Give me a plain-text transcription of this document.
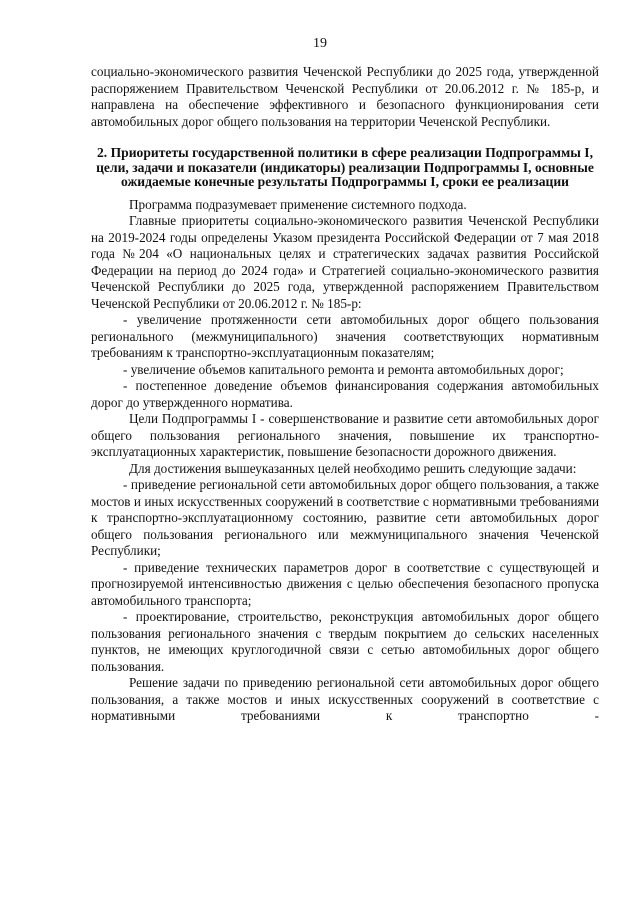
19

социально-экономического развития Чеченской Республики до 2025 года, утвержденной распоряжением Правительством Чеченской Республики от 20.06.2012 г. № 185-р, и направлена на обеспечение эффективного и безопасного функционирования сети автомобильных дорог общего пользования на территории Чеченской Республики.

2. Приоритеты государственной политики в сфере реализации Подпрограммы I, цели, задачи и показатели (индикаторы) реализации Подпрограммы I, основные ожидаемые конечные результаты Подпрограммы I, сроки ее реализации

Программа подразумевает применение системного подхода.

Главные приоритеты социально-экономического развития Чеченской Республики на 2019-2024 годы определены Указом президента Российской Федерации от 7 мая 2018 года №204 «О национальных целях и стратегических задачах развития Российской Федерации на период до 2024 года» и Стратегией социально-экономического развития Чеченской Республики до 2025 года, утвержденной распоряжением Правительством Чеченской Республики от 20.06.2012 г. № 185-р:

- увеличение протяженности сети автомобильных дорог общего пользования регионального (межмуниципального) значения соответствующих нормативным требованиям к транспортно-эксплуатационным показателям;

- увеличение объемов капитального ремонта и ремонта автомобильных дорог;

- постепенное доведение объемов финансирования содержания автомобильных дорог до утвержденного норматива.

Цели Подпрограммы I - совершенствование и развитие сети автомобильных дорог общего пользования регионального значения, повышение их транспортно-эксплуатационных характеристик, повышение безопасности дорожного движения.

Для достижения вышеуказанных целей необходимо решить следующие задачи:

- приведение региональной сети автомобильных дорог общего пользования, а также мостов и иных искусственных сооружений в соответствие с нормативными требованиями к транспортно-эксплуатационному состоянию, развитие сети автомобильных дорог общего пользования регионального или межмуниципального значения Чеченской Республики;

- приведение технических параметров дорог в соответствие с существующей и прогнозируемой интенсивностью движения с целью обеспечения безопасного пропуска автомобильного транспорта;

- проектирование, строительство, реконструкция автомобильных дорог общего пользования регионального значения с твердым покрытием до сельских населенных пунктов, не имеющих круглогодичной связи с сетью автомобильных дорог общего пользования.

Решение задачи по приведению региональной сети автомобильных дорог общего пользования, а также мостов и иных искусственных сооружений в соответствие с нормативными требованиями к транспортно -
